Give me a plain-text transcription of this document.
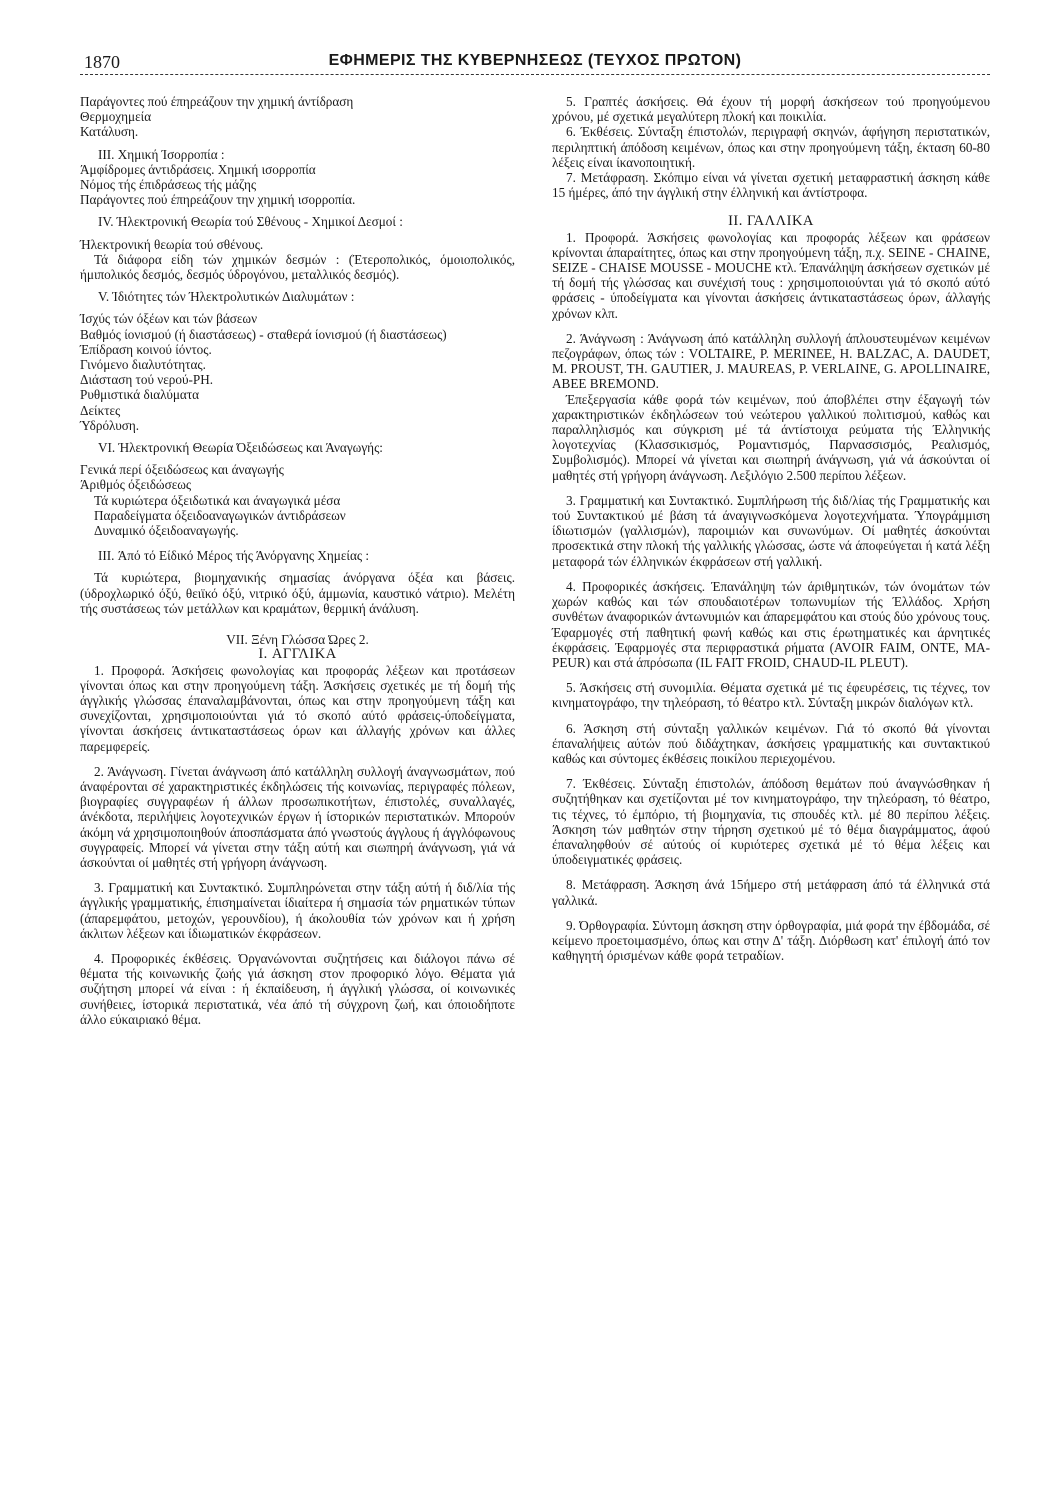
1870	ΕΦΗΜΕΡΙΣ ΤΗΣ ΚΥΒΕΡΝΗΣΕΩΣ (ΤΕΥΧΟΣ ΠΡΩΤΟΝ)

Παράγοντες πού έπηρεάζουν την χημική άντίδραση

Θερμοχημεία

Κατάλυση.

III. Χημική Ίσορροπία :

Άμφίδρομες άντιδράσεις. Χημική ισορροπία

Νόμος τής έπιδράσεως τής μάζης

Παράγοντες πού έπηρεάζουν την χημική ισορροπία.

IV. Ήλεκτρονική Θεωρία τού Σθένους - Χημικοί Δεσμοί :

Ήλεκτρονική θεωρία τού σθένους.

Τά διάφορα είδη τών χημικών δεσμών : (Έτεροπολικός, όμοιοπολικός, ήμιπολικός δεσμός, δεσμός ύδρογόνου, μεταλλικός δεσμός).

V. Ίδιότητες τών Ήλεκτρολυτικών Διαλυμάτων :

Ίσχύς τών όξέων και τών βάσεων

Βαθμός ίονισμού (ή διαστάσεως) - σταθερά ίονισμού (ή διαστάσεως)

Έπίδραση κοινού ίόντος.

Γινόμενο διαλυτότητας.

Διάσταση τού νερού-PH.

Ρυθμιστικά διαλύματα

Δείκτες

Ύδρόλυση.

VI. Ήλεκτρονική Θεωρία Όξειδώσεως και Άναγωγής:

Γενικά περί όξειδώσεως και άναγωγής

Άριθμός όξειδώσεως

Τά κυριώτερα όξειδωτικά και άναγωγικά μέσα

Παραδείγματα όξειδοαναγωγικών άντιδράσεων

Δυναμικό όξειδοαναγωγής.

III. Άπό τό Είδικό Μέρος τής Άνόργανης Χημείας :

Τά κυριώτερα, βιομηχανικής σημασίας άνόργανα όξέα και βάσεις. (ύδροχλωρικό όξύ, θειϊκό όξύ, νιτρικό όξύ, άμμωνία, καυστικό νάτριο). Μελέτη τής συστάσεως τών μετάλλων και κραμάτων, θερμική άνάλυση.

VII. Ξένη Γλώσσα Ώρες 2.

I. ΑΓΓΛΙΚΑ

1. Προφορά. Άσκήσεις φωνολογίας και προφοράς λέξεων και προτάσεων γίνονται όπως και στην προηγούμενη τάξη. Άσκήσεις σχετικές με τή δομή τής άγγλικής γλώσσας έπαναλαμβάνονται, όπως και στην προηγούμενη τάξη και συνεχίζονται, χρησιμοποιούνται γιά τό σκοπό αύτό φράσεις-ύποδείγματα, γίνονται άσκήσεις άντικαταστάσεως όρων και άλλαγής χρόνων και άλλες παρεμφερείς.

2. Άνάγνωση. Γίνεται άνάγνωση άπό κατάλληλη συλλογή άναγνωσμάτων, πού άναφέρονται σέ χαρακτηριστικές έκδηλώσεις τής κοινωνίας, περιγραφές πόλεων, βιογραφίες συγγραφέων ή άλλων προσωπικοτήτων, έπιστολές, συναλλαγές, άνέκδοτα, περιλήψεις λογοτεχνικών έργων ή ίστορικών περιστατικών. Μπορούν άκόμη νά χρησιμοποιηθούν άποσπάσματα άπό γνωστούς άγγλους ή άγγλόφωνους συγγραφείς. Μπορεί νά γίνεται στην τάξη αύτή και σιωπηρή άνάγνωση, γιά νά άσκούνται οί μαθητές στή γρήγορη άνάγνωση.

3. Γραμματική και Συντακτικό. Συμπληρώνεται στην τάξη αύτή ή διδ/λία τής άγγλικής γραμματικής, έπισημαίνεται ίδιαίτερα ή σημασία τών ρηματικών τύπων (άπαρεμφάτου, μετοχών, γερουνδίου), ή άκολουθία τών χρόνων και ή χρήση άκλιτων λέξεων και ίδιωματικών έκφράσεων.

4. Προφορικές έκθέσεις. Όργανώνονται συζητήσεις και διάλογοι πάνω σέ θέματα τής κοινωνικής ζωής γιά άσκηση στον προφορικό λόγο. Θέματα γιά συζήτηση μπορεί νά είναι : ή έκπαίδευση, ή άγγλική γλώσσα, οί κοινωνικές συνήθειες, ίστορικά περιστατικά, νέα άπό τή σύγχρονη ζωή, και όποιοδήποτε άλλο εύκαιριακό θέμα.

5. Γραπτές άσκήσεις. Θά έχουν τή μορφή άσκήσεων τού προηγούμενου χρόνου, μέ σχετικά μεγαλύτερη πλοκή και ποικιλία.

6. Έκθέσεις. Σύνταξη έπιστολών, περιγραφή σκηνών, άφήγηση περιστατικών, περιληπτική άπόδοση κειμένων, όπως και στην προηγούμενη τάξη, έκταση 60-80 λέξεις είναι ίκανοποιητική.

7. Μετάφραση. Σκόπιμο είναι νά γίνεται σχετική μεταφραστική άσκηση κάθε 15 ήμέρες, άπό την άγγλική στην έλληνική και άντίστροφα.

II. ΓΑΛΛΙΚΑ

1. Προφορά. Άσκήσεις φωνολογίας και προφοράς λέξεων και φράσεων κρίνονται άπαραίτητες, όπως και στην προηγούμενη τάξη, π.χ. SEINE - CHAINE, SEIZE - CHAISE MOUSSE - MOUCHE κτλ. Έπανάληψη άσκήσεων σχετικών μέ τή δομή τής γλώσσας και συνέχισή τους : χρησιμοποιούνται γιά τό σκοπό αύτό φράσεις - ύποδείγματα και γίνονται άσκήσεις άντικαταστάσεως όρων, άλλαγής χρόνων κλπ.

2. Άνάγνωση : Άνάγνωση άπό κατάλληλη συλλογή άπλουστευμένων κειμένων πεζογράφων, όπως τών : VOLTAIRE, P. MERINEE, H. BALZAC, A. DAUDET, M. PROUST, TH. GAUTIER, J. MAUREAS, P. VERLAINE, G. APOLLINAIRE, ABEE BREMOND.

Έπεξεργασία κάθε φορά τών κειμένων, πού άποβλέπει στην έξαγωγή τών χαρακτηριστικών έκδηλώσεων τού νεώτερου γαλλικού πολιτισμού, καθώς και παραλληλισμός και σύγκριση μέ τά άντίστοιχα ρεύματα τής Έλληνικής λογοτεχνίας (Κλασσικισμός, Ρομαντισμός, Παρνασσισμός, Ρεαλισμός, Συμβολισμός). Μπορεί νά γίνεται και σιωπηρή άνάγνωση, γιά νά άσκούνται οί μαθητές στή γρήγορη άνάγνωση. Λεξιλόγιο 2.500 περίπου λέξεων.

3. Γραμματική και Συντακτικό. Συμπλήρωση τής διδ/λίας τής Γραμματικής και τού Συντακτικού μέ βάση τά άναγιγνωσκόμενα λογοτεχνήματα. Ύπογράμμιση ίδιωτισμών (γαλλισμών), παροιμιών και συνωνύμων. Οί μαθητές άσκούνται προσεκτικά στην πλοκή τής γαλλικής γλώσσας, ώστε νά άποφεύγεται ή κατά λέξη μεταφορά τών έλληνικών έκφράσεων στή γαλλική.

4. Προφορικές άσκήσεις. Έπανάληψη τών άριθμητικών, τών όνομάτων τών χωρών καθώς και τών σπουδαιοτέρων τοπωνυμίων τής Έλλάδος. Χρήση συνθέτων άναφορικών άντωνυμιών και άπαρεμφάτου και στούς δύο χρόνους τους. Έφαρμογές στή παθητική φωνή καθώς και στις έρωτηματικές και άρνητικές έκφράσεις. Έφαρμογές στα περιφραστικά ρήματα (AVOIR FAIM, ONTE, MA-PEUR) και στά άπρόσωπα (IL FAIT FROID, CHAUD-IL PLEUT).

5. Άσκήσεις στή συνομιλία. Θέματα σχετικά μέ τις έφευρέσεις, τις τέχνες, τον κινηματογράφο, την τηλεόραση, τό θέατρο κτλ. Σύνταξη μικρών διαλόγων κτλ.

6. Άσκηση στή σύνταξη γαλλικών κειμένων. Γιά τό σκοπό θά γίνονται έπαναλήψεις αύτών πού διδάχτηκαν, άσκήσεις γραμματικής και συντακτικού καθώς και σύντομες έκθέσεις ποικίλου περιεχομένου.

7. Έκθέσεις. Σύνταξη έπιστολών, άπόδοση θεμάτων πού άναγνώσθηκαν ή συζητήθηκαν και σχετίζονται μέ τον κινηματογράφο, την τηλεόραση, τό θέατρο, τις τέχνες, τό έμπόριο, τή βιομηχανία, τις σπουδές κτλ. μέ 80 περίπου λέξεις. Άσκηση τών μαθητών στην τήρηση σχετικού μέ τό θέμα διαγράμματος, άφού έπαναληφθούν σέ αύτούς οί κυριότερες σχετικά μέ τό θέμα λέξεις και ύποδειγματικές φράσεις.

8. Μετάφραση. Άσκηση άνά 15ήμερο στή μετάφραση άπό τά έλληνικά στά γαλλικά.

9. Όρθογραφία. Σύντομη άσκηση στην όρθογραφία, μιά φορά την έβδομάδα, σέ κείμενο προετοιμασμένο, όπως και στην Δ' τάξη. Διόρθωση κατ' έπιλογή άπό τον καθηγητή όρισμένων κάθε φορά τετραδίων.
